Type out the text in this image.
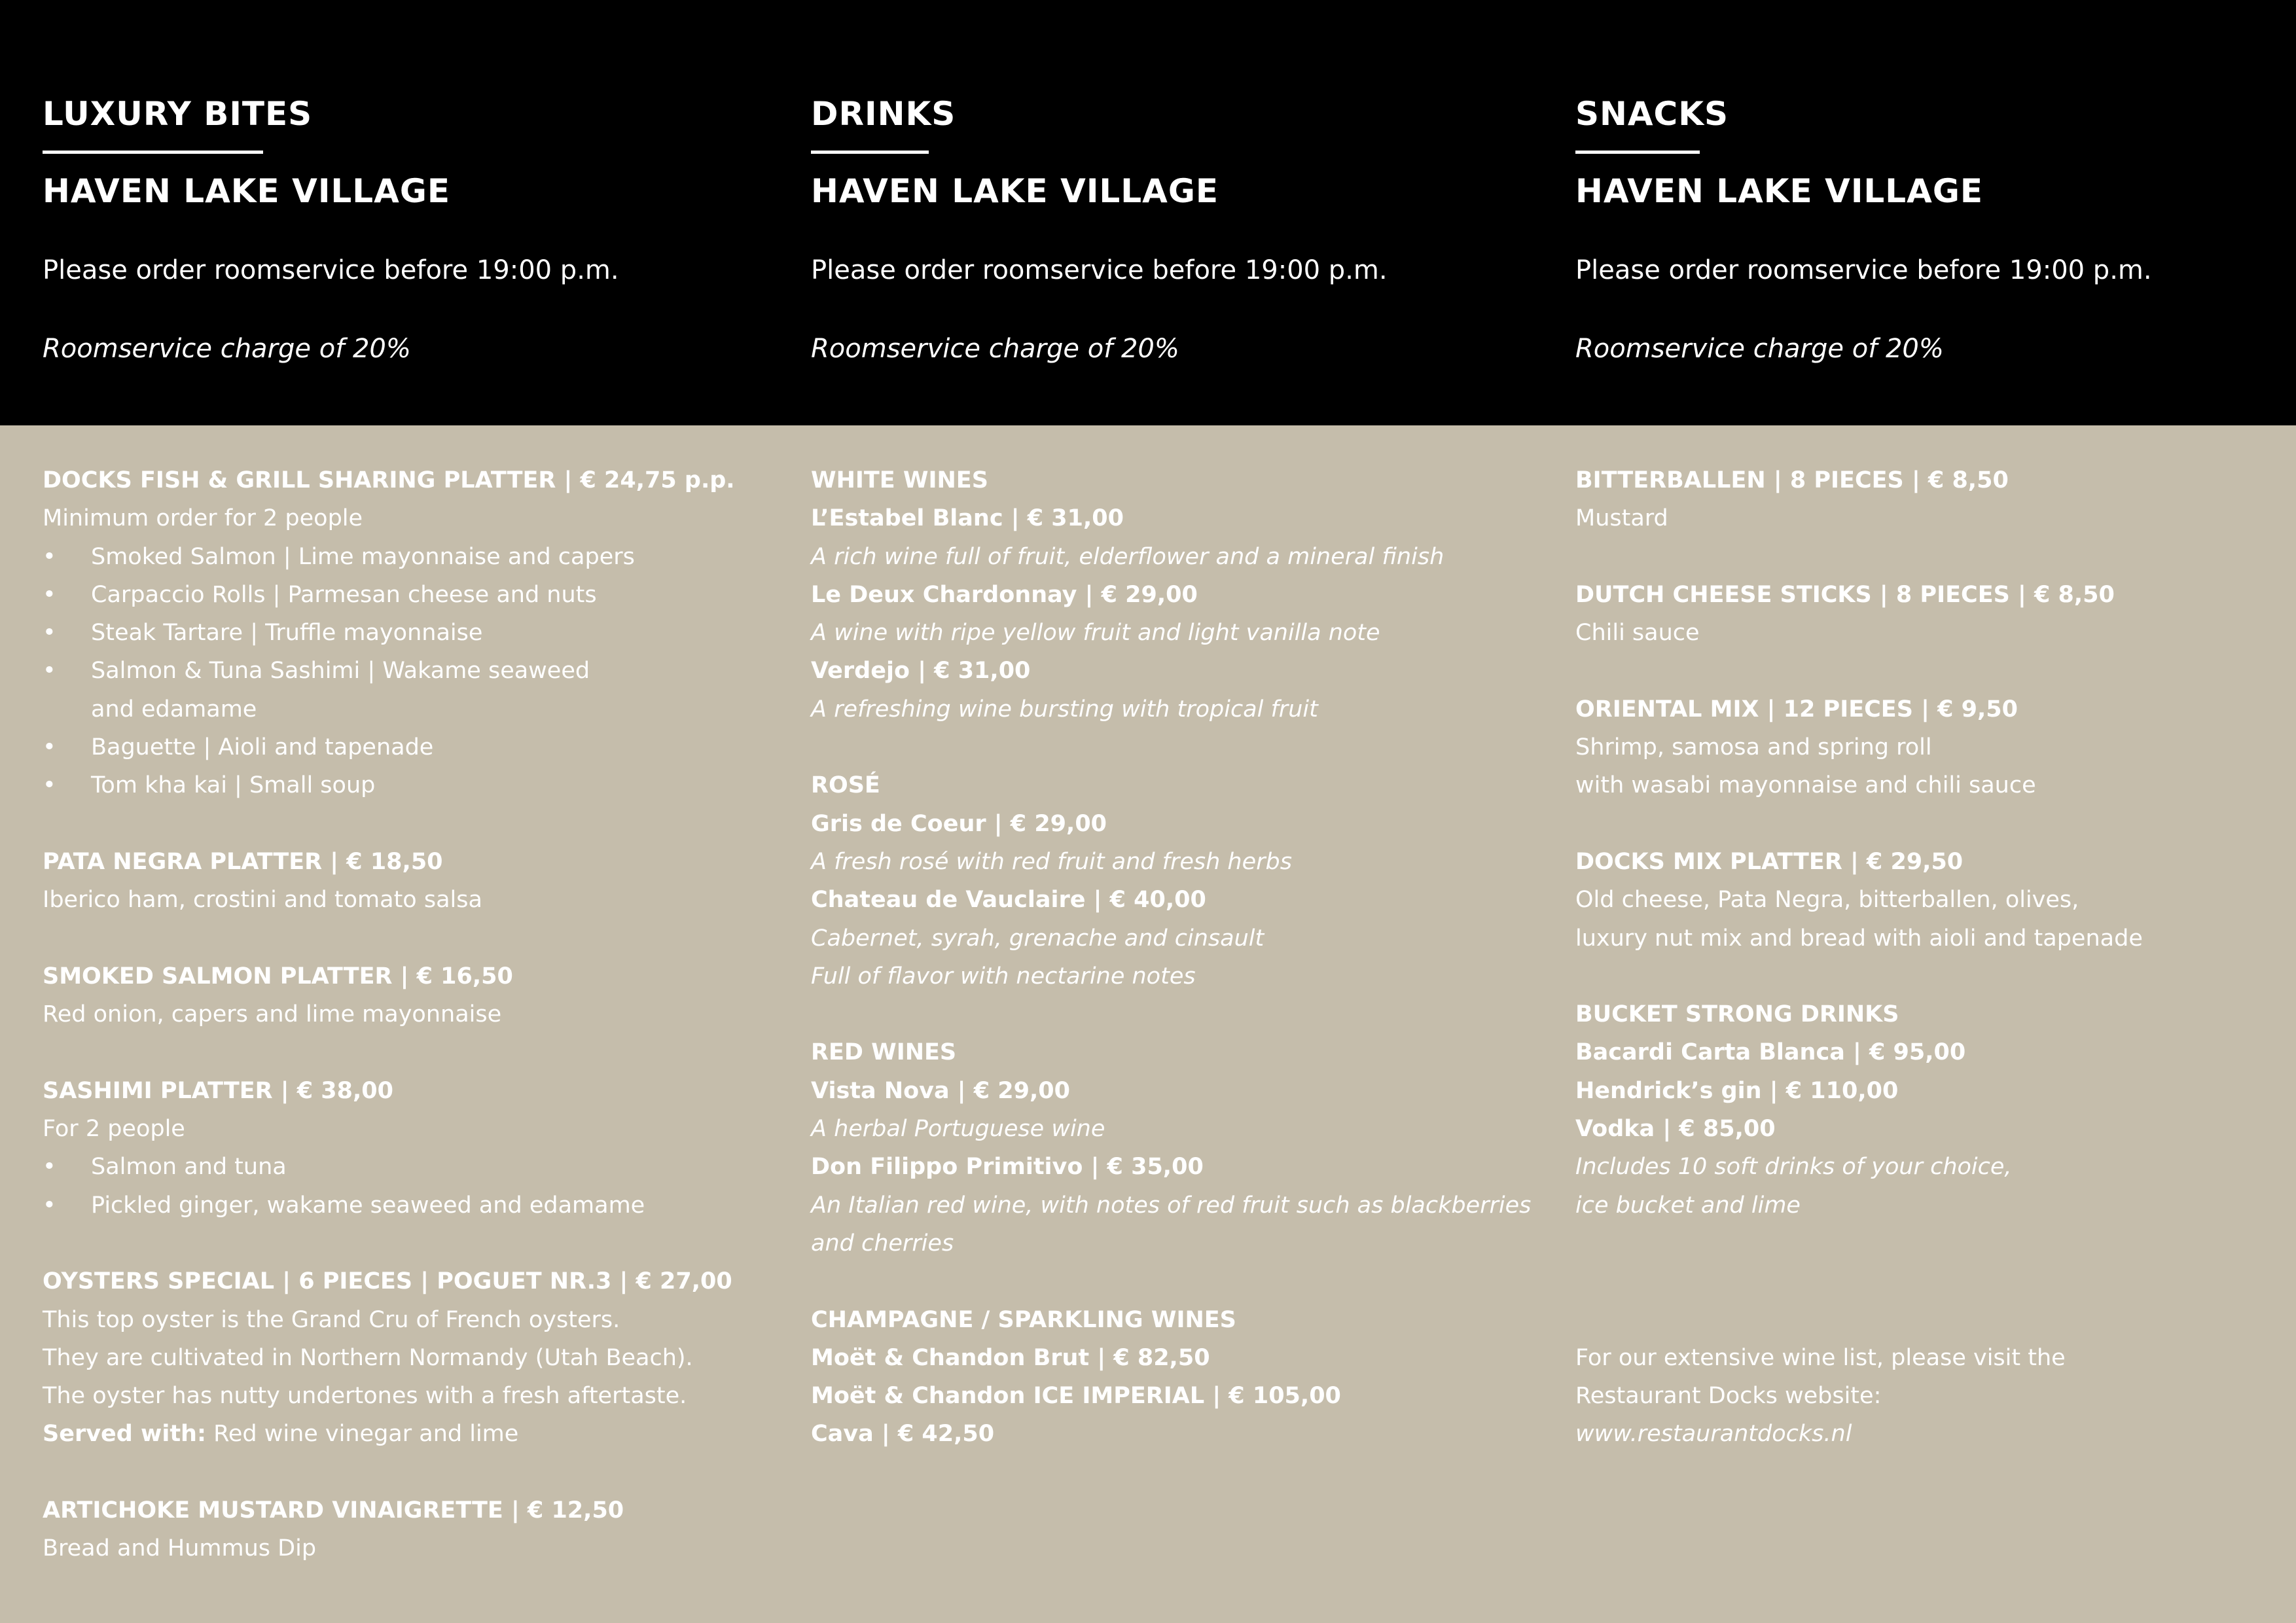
LUXURY BITES
HAVEN LAKE VILLAGE
Please order roomservice before 19:00 p.m.
Roomservice charge of 20%
DRINKS
HAVEN LAKE VILLAGE
Please order roomservice before 19:00 p.m.
Roomservice charge of 20%
SNACKS
HAVEN LAKE VILLAGE
Please order roomservice before 19:00 p.m.
Roomservice charge of 20%
DOCKS FISH & GRILL SHARING PLATTER | € 24,75 p.p.
Minimum order for 2 people
• Smoked Salmon | Lime mayonnaise and capers
• Carpaccio Rolls | Parmesan cheese and nuts
• Steak Tartare | Truffle mayonnaise
• Salmon & Tuna Sashimi | Wakame seaweed
and edamame
• Baguette | Aioli and tapenade
• Tom kha kai | Small soup
PATA NEGRA PLATTER | € 18,50
Iberico ham, crostini and tomato salsa
SMOKED SALMON PLATTER | € 16,50
Red onion, capers and lime mayonnaise
SASHIMI PLATTER | € 38,00
For 2 people
• Salmon and tuna
• Pickled ginger, wakame seaweed and edamame
OYSTERS SPECIAL | 6 PIECES | POGUET NR.3 | € 27,00
This top oyster is the Grand Cru of French oysters.
They are cultivated in Northern Normandy (Utah Beach).
The oyster has nutty undertones with a fresh aftertaste.
Served with: Red wine vinegar and lime
ARTICHOKE MUSTARD VINAIGRETTE | € 12,50
Bread and Hummus Dip
WHITE WINES
L’Estabel Blanc | € 31,00
A rich wine full of fruit, elderflower and a mineral finish
Le Deux Chardonnay | € 29,00
A wine with ripe yellow fruit and light vanilla note
Verdejo | € 31,00
A refreshing wine bursting with tropical fruit
ROSÉ
Gris de Coeur | € 29,00
A fresh rosé with red fruit and fresh herbs
Chateau de Vauclaire | € 40,00
Cabernet, syrah, grenache and cinsault
Full of flavor with nectarine notes
RED WINES
Vista Nova | € 29,00
A herbal Portuguese wine
Don Filippo Primitivo | € 35,00
An Italian red wine, with notes of red fruit such as blackberries
and cherries
CHAMPAGNE / SPARKLING WINES
Moët & Chandon Brut | € 82,50
Moët & Chandon ICE IMPERIAL | € 105,00
Cava | € 42,50
BITTERBALLEN | 8 PIECES | € 8,50
Mustard
DUTCH CHEESE STICKS | 8 PIECES | € 8,50
Chili sauce
ORIENTAL MIX | 12 PIECES | € 9,50
Shrimp, samosa and spring roll
with wasabi mayonnaise and chili sauce
DOCKS MIX PLATTER | € 29,50
Old cheese, Pata Negra, bitterballen, olives,
luxury nut mix and bread with aioli and tapenade
BUCKET STRONG DRINKS
Bacardi Carta Blanca | € 95,00
Hendrick’s gin | € 110,00
Vodka | € 85,00
Includes 10 soft drinks of your choice,
ice bucket and lime
For our extensive wine list, please visit the
Restaurant Docks website:
www.restaurantdocks.nl
